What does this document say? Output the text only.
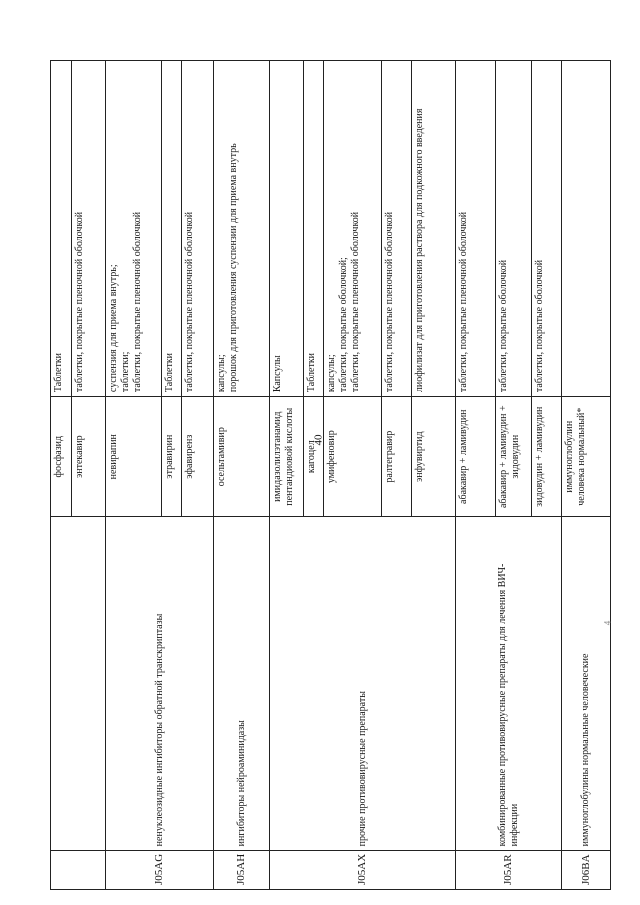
		фосфазид	Таблетки

		энтекавир	таблетки, покрытые пленочной оболочкой

J05AG	ненуклеозидные ингибиторы обратной транскриптазы	невирапин	суспензия для приема внутрь; таблетки; таблетки, покрытые пленочной оболочкой

		этравирин	Таблетки

		эфавиренз	таблетки, покрытые пленочной оболочкой

J05AH	ингибиторы нейроаминидазы	осельтамивир	капсулы; порошок для приготовления суспензии для приема внутрь

J05AX	прочие противовирусные препараты	имидазолилэтанамид пентандиовой кислоты	Капсулы

		кагоцел	Таблетки

		умифеновир	капсулы; таблетки, покрытые оболочкой; таблетки, покрытые пленочной оболочкой

		ралтегравир	таблетки, покрытые пленочной оболочкой

		энфувиртид	лиофилизат для приготовления раствора для подкожного введения

J05AR	комбинированные противовирусные препараты для лечения ВИЧ-инфекции	абакавир + ламивудин	таблетки, покрытые пленочной оболочкой

		абакавир + ламивудин + зидовудин	таблетки, покрытые оболочкой

		зидовудин + ламивудин	таблетки, покрытые оболочкой

J06BA	иммуноглобулины нормальные человеческие	иммуноглобулин человека нормальный*	
40
4
